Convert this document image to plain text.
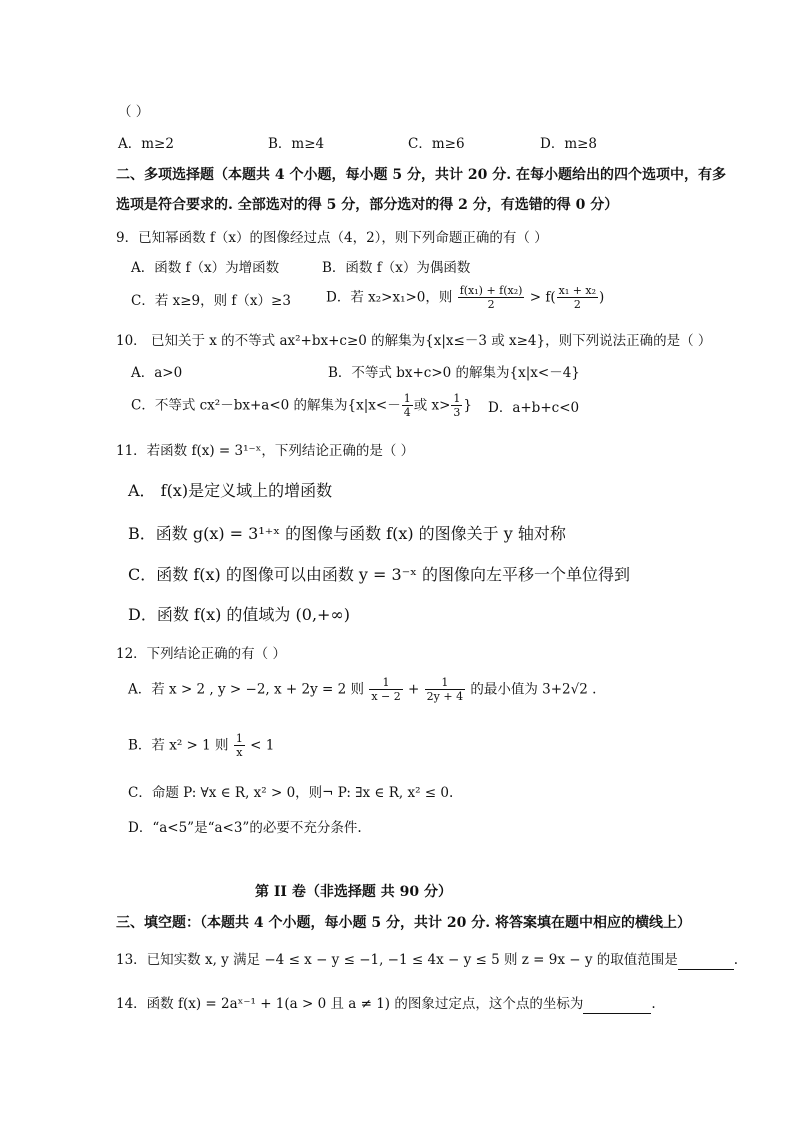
（ ）
A．m≥2	B．m≥4	C．m≥6	D．m≥8
二、多项选择题（本题共 4 个小题，每小题 5 分，共计 20 分. 在每小题给出的四个选项中，有多
选项是符合要求的. 全部选对的得 5 分，部分选对的得 2 分，有选错的得 0 分）
9．已知幂函数 f（x）的图像经过点（4，2），则下列命题正确的有（ ）
A．函数 f（x）为增函数	B．函数 f（x）为偶函数
C．若 x≥9，则 f（x）≥3	D．若 x₂>x₁>0，则 $\frac{\text{f(x₁) + f(x₂)}}{2} > f( \frac{\text{x₁ + x₂}}{2}$ )
10． 已知关于 x 的不等式 ax²+bx+c≥0 的解集为{x|x≤－3 或 x≥4}，则下列说法正确的是（ ）
A．a>0	B．不等式 bx+c>0 的解集为{x|x<－4}
C．不等式 cx²－bx+a<0 的解集为{$x|x<- \frac{1}{4}$ 或 $x> \frac{1}{3}$ } D．a+b+c<0
11．若函数 f(x) = 3¹⁻ˣ，下列结论正确的是（ ）
A． f(x)是定义域上的增函数
B．函数 g(x) = 3¹⁺ˣ 的图像与函数 f(x) 的图像关于 y 轴对称
C．函数 f(x) 的图像可以由函数 y = 3⁻ˣ 的图像向左平移一个单位得到
D．函数 f(x) 的值域为 (0,+∞)
12．下列结论正确的有（ ）
A．若 x > 2 , y > −2, x + 2y = 2 则 $\frac{1}{x - 2} + \frac{1}{2y + 4}$ 的最小值为 3+2√2 .
B．若 x² > 1 则 $\frac{1}{x} < 1$
C．命题 P: ∀x ∈ R, x² > 0，则¬ P: ∃x ∈ R, x² ≤ 0.
D．“a<5”是“a<3”的必要不充分条件.
第 II 卷（非选择题 共 90 分）
三、填空题：（本题共 4 个小题，每小题 5 分，共计 20 分. 将答案填在题中相应的横线上）
13．已知实数 x, y 满足 −4 ≤ x − y ≤ −1, −1 ≤ 4x − y ≤ 5 则 z = 9x − y 的取值范围是	.
14．函数 f(x) = 2aˣ⁻¹ + 1(a > 0 且 a ≠ 1) 的图象过定点，这个点的坐标为	.
